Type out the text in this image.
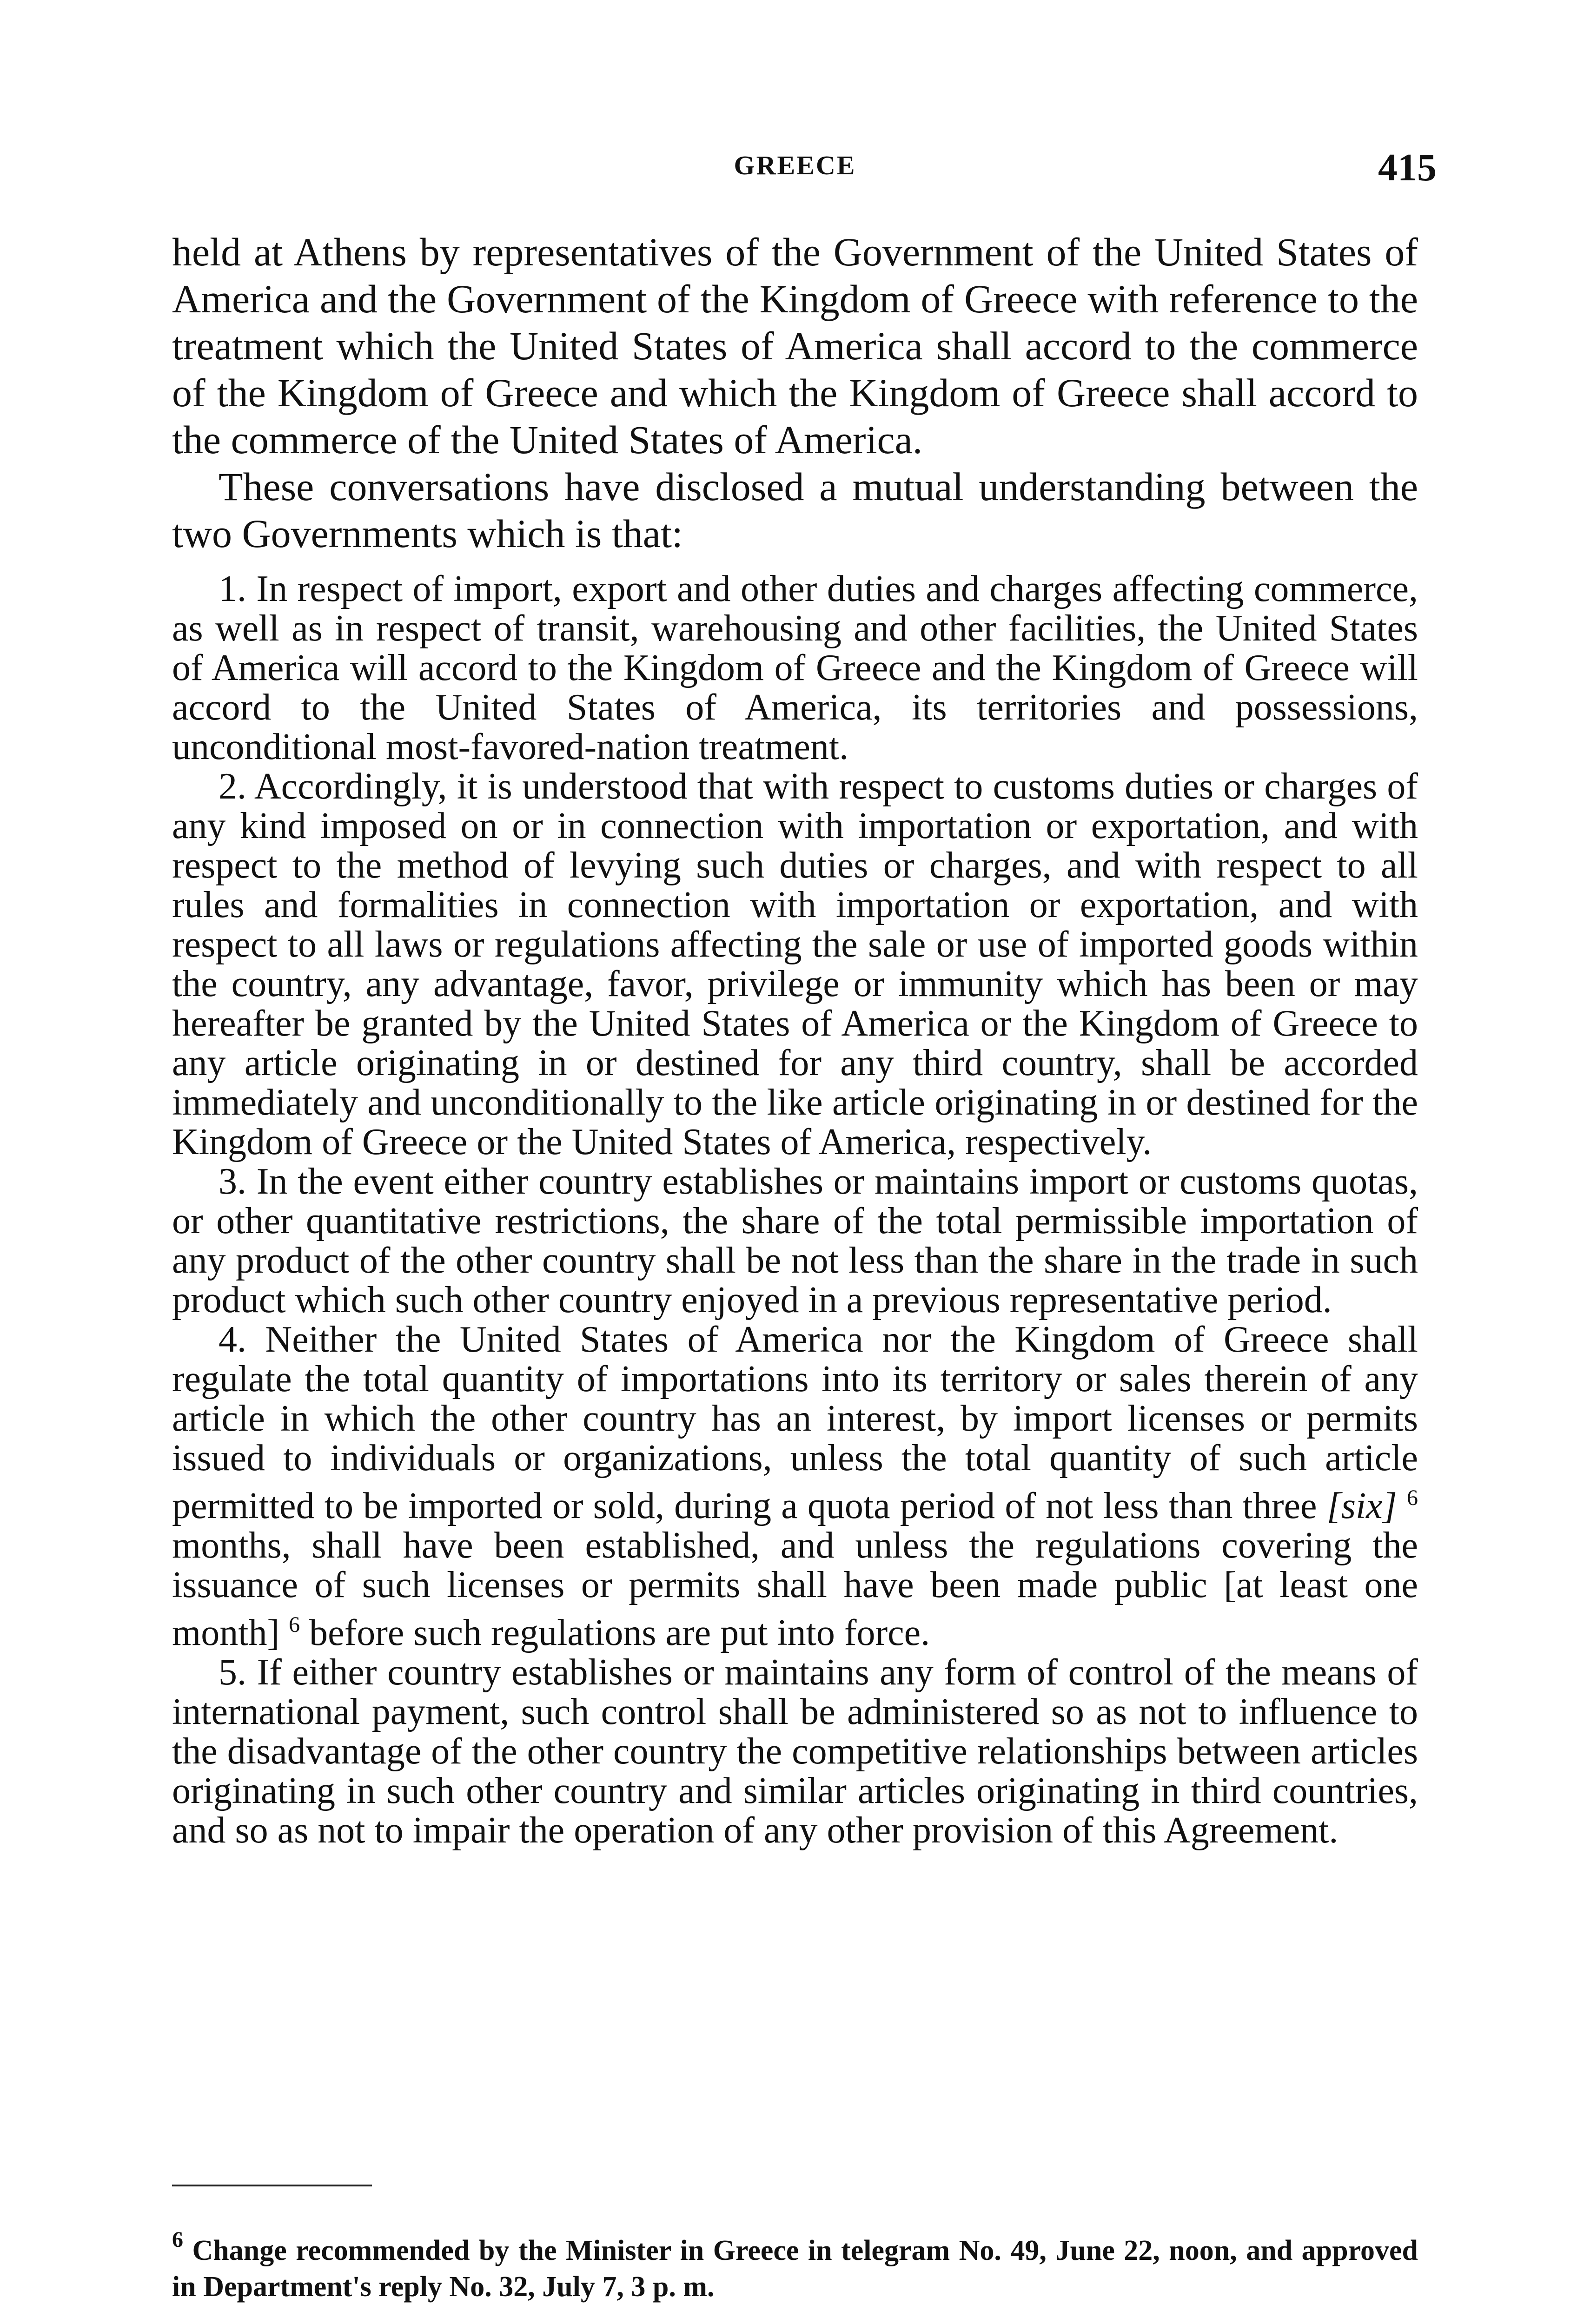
GREECE	415

held at Athens by representatives of the Government of the United States of America and the Government of the Kingdom of Greece with reference to the treatment which the United States of America shall accord to the commerce of the Kingdom of Greece and which the Kingdom of Greece shall accord to the commerce of the United States of America.

These conversations have disclosed a mutual understanding between the two Governments which is that:

1. In respect of import, export and other duties and charges affecting commerce, as well as in respect of transit, warehousing and other facilities, the United States of America will accord to the Kingdom of Greece and the Kingdom of Greece will accord to the United States of America, its territories and possessions, unconditional most-favored-nation treatment.

2. Accordingly, it is understood that with respect to customs duties or charges of any kind imposed on or in connection with importation or exportation, and with respect to the method of levying such duties or charges, and with respect to all rules and formalities in connection with importation or exportation, and with respect to all laws or regulations affecting the sale or use of imported goods within the country, any advantage, favor, privilege or immunity which has been or may hereafter be granted by the United States of America or the Kingdom of Greece to any article originating in or destined for any third country, shall be accorded immediately and unconditionally to the like article originating in or destined for the Kingdom of Greece or the United States of America, respectively.

3. In the event either country establishes or maintains import or customs quotas, or other quantitative restrictions, the share of the total permissible importation of any product of the other country shall be not less than the share in the trade in such product which such other country enjoyed in a previous representative period.

4. Neither the United States of America nor the Kingdom of Greece shall regulate the total quantity of importations into its territory or sales therein of any article in which the other country has an interest, by import licenses or permits issued to individuals or organizations, unless the total quantity of such article permitted to be imported or sold, during a quota period of not less than three [six] $^6$ months, shall have been established, and unless the regulations covering the issuance of such licenses or permits shall have been made public [at least one month] $^6$ before such regulations are put into force.

5. If either country establishes or maintains any form of control of the means of international payment, such control shall be administered so as not to influence to the disadvantage of the other country the competitive relationships between articles originating in such other country and similar articles originating in third countries, and so as not to impair the operation of any other provision of this Agreement.

$^6$ Change recommended by the Minister in Greece in telegram No. 49, June 22, noon, and approved in Department's reply No. 32, July 7, 3 p. m.
